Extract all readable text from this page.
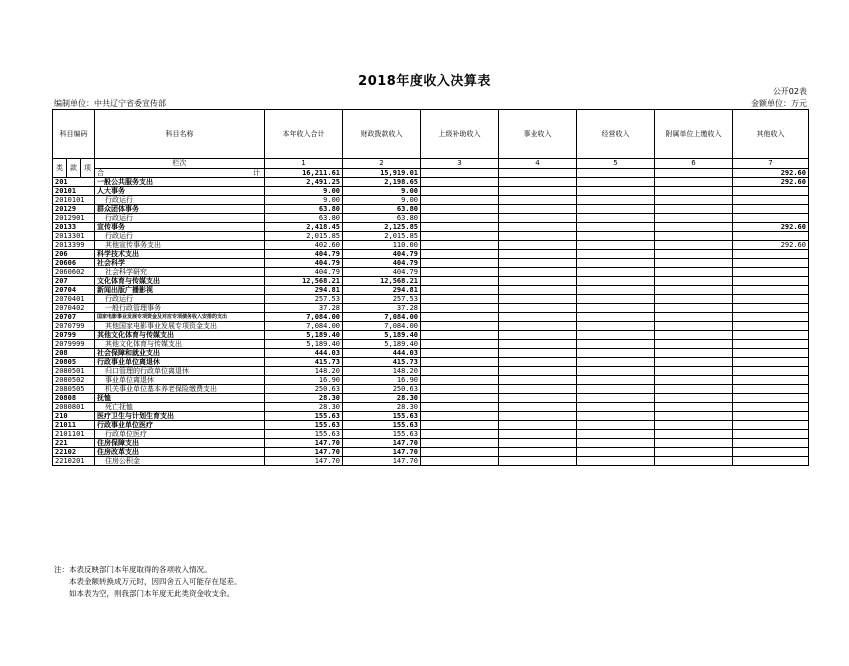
2018年度收入决算表
公开02表
编制单位：中共辽宁省委宣传部	金额单位：万元
科目编码			科目名称	本年收入合计	财政拨款收入	上级补助收入	事业收入	经营收入	附属单位上缴收入	其他收入
类	款	项	栏次	1	2	3	4	5	6	7

			合 计	16,211.61	15,919.01					292.60
201			一般公共服务支出	2,491.25	2,198.65					292.60
20101			人大事务	9.00	9.00					
2010101			行政运行	9.00	9.00					
20129			群众团体事务	63.80	63.80					
2012901			行政运行	63.80	63.80					
20133			宣传事务	2,418.45	2,125.85					292.60
2013301			行政运行	2,015.85	2,015.85					
2013399			其他宣传事务支出	402.60	110.00					292.60
206			科学技术支出	404.79	404.79					
20606			社会科学	404.79	404.79					
2060602			社会科学研究	404.79	404.79					
207			文化体育与传媒支出	12,568.21	12,568.21					
20704			新闻出版广播影视	294.81	294.81					
2070401			行政运行	257.53	257.53					
2070402			一般行政管理事务	37.28	37.28					
20707			国家电影事业发展专项资金及对应专项债务收入安排的支出	7,084.00	7,084.00					
2070799			其他国家电影事业发展专项资金支出	7,084.00	7,084.00					
20799			其他文化体育与传媒支出	5,189.40	5,189.40					
2079999			其他文化体育与传媒支出	5,189.40	5,189.40					
208			社会保障和就业支出	444.03	444.03					
20805			行政事业单位离退休	415.73	415.73					
2080501			归口管理的行政单位离退休	148.20	148.20					
2080502			事业单位离退休	16.90	16.90					
2080505			机关事业单位基本养老保险缴费支出	250.63	250.63					
20808			抚恤	28.30	28.30					
2080801			死亡抚恤	28.30	28.30					
210			医疗卫生与计划生育支出	155.63	155.63					
21011			行政事业单位医疗	155.63	155.63					
2101101			行政单位医疗	155.63	155.63					
221			住房保障支出	147.70	147.70					
22102			住房改革支出	147.70	147.70					
2210201			住房公积金	147.70	147.70					
注：本表反映部门本年度取得的各项收入情况。
本表金额转换成万元时，因四舍五入可能存在尾差。
如本表为空，则我部门本年度无此类资金收支余。
